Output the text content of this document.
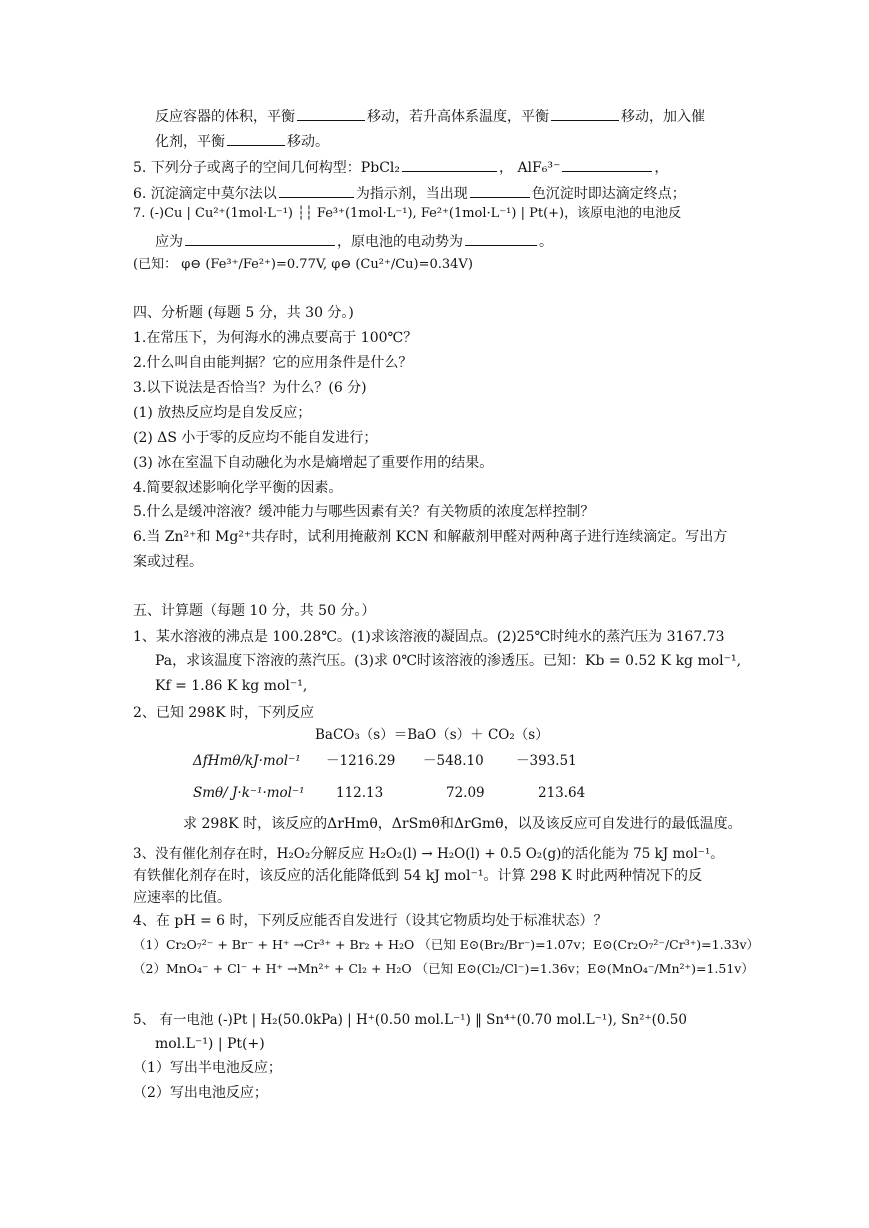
反应容器的体积，平衡	移动，若升高体系温度，平衡	移动，加入催
化剂，平衡	移动。
5. 下列分子或离子的空间几何构型：PbCl₂	， AlF₆³⁻	，
6. 沉淀滴定中莫尔法以	为指示剂，当出现	色沉淀时即达滴定终点；
7. (-)Cu | Cu²⁺(1mol·L⁻¹) ┆┆ Fe³⁺(1mol·L⁻¹), Fe²⁺(1mol·L⁻¹) | Pt(+)，该原电池的电池反
应为	，原电池的电动势为	。
(已知： φ⊖ (Fe³⁺/Fe²⁺)=0.77V, φ⊖ (Cu²⁺/Cu)=0.34V)
四、分析题 (每题 5 分，共 30 分。)
1.在常压下，为何海水的沸点要高于 100℃？
2.什么叫自由能判据？它的应用条件是什么？
3.以下说法是否恰当？为什么？(6 分)
(1) 放热反应均是自发反应；
(2) ΔS 小于零的反应均不能自发进行；
(3) 冰在室温下自动融化为水是熵增起了重要作用的结果。
4.简要叙述影响化学平衡的因素。
5.什么是缓冲溶液？缓冲能力与哪些因素有关？有关物质的浓度怎样控制？
6.当 Zn²⁺和 Mg²⁺共存时，试利用掩蔽剂 KCN 和解蔽剂甲醛对两种离子进行连续滴定。写出方
案或过程。
五、计算题（每题 10 分，共 50 分。）
1、某水溶液的沸点是 100.28℃。(1)求该溶液的凝固点。(2)25℃时纯水的蒸汽压为 3167.73
Pa，求该温度下溶液的蒸汽压。(3)求 0℃时该溶液的渗透压。已知：Kb = 0.52 K kg mol⁻¹,
Kf = 1.86 K kg mol⁻¹,
2、已知 298K 时，下列反应
BaCO₃（s）＝BaO（s）＋ CO₂（s）
ΔfHmθ/kJ·mol⁻¹ －1216.29 －548.10 －393.51
Smθ/ J·k⁻¹·mol⁻¹ 112.13	72.09	213.64
求 298K 时，该反应的ΔrHmθ，ΔrSmθ和ΔrGmθ，以及该反应可自发进行的最低温度。
3、没有催化剂存在时，H₂O₂分解反应 H₂O₂(l) → H₂O(l) + 0.5 O₂(g)的活化能为 75 kJ mol⁻¹。
有铁催化剂存在时，该反应的活化能降低到 54 kJ mol⁻¹。计算 298 K 时此两种情况下的反
应速率的比值。
4、在 pH = 6 时，下列反应能否自发进行（设其它物质均处于标准状态）？
（1）Cr₂O₇²⁻ + Br⁻ + H⁺ →Cr³⁺ + Br₂ + H₂O （已知 E⊙(Br₂/Br⁻)=1.07v；E⊙(Cr₂O₇²⁻/Cr³⁺)=1.33v）
（2）MnO₄⁻ + Cl⁻ + H⁺ →Mn²⁺ + Cl₂ + H₂O （已知 E⊙(Cl₂/Cl⁻)=1.36v；E⊙(MnO₄⁻/Mn²⁺)=1.51v）
5、 有一电池 (-)Pt | H₂(50.0kPa) | H⁺(0.50 mol.L⁻¹) ‖ Sn⁴⁺(0.70 mol.L⁻¹), Sn²⁺(0.50
mol.L⁻¹) | Pt(+)
（1）写出半电池反应；
（2）写出电池反应；
